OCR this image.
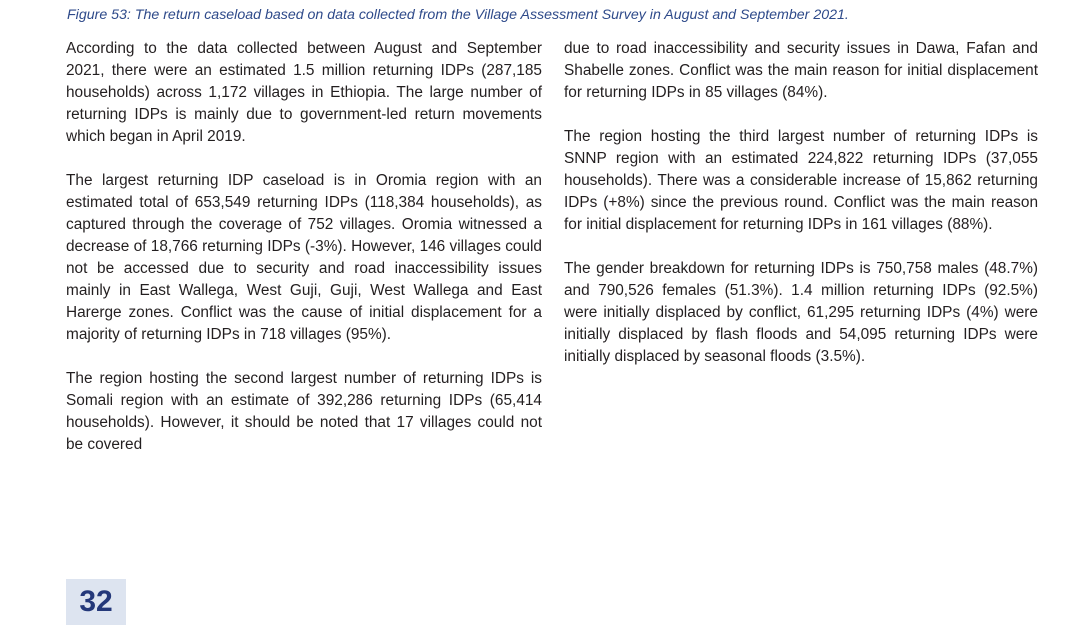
Figure 53: The return caseload based on data collected from the Village Assessment Survey in August and September 2021.

According to the data collected between August and September 2021, there were an estimated 1.5 million returning IDPs (287,185 households) across 1,172 villages in Ethiopia. The large number of returning IDPs is mainly due to government-led return movements which began in April 2019.

The largest returning IDP caseload is in Oromia region with an estimated total of 653,549 returning IDPs (118,384 households), as captured through the coverage of 752 villages. Oromia witnessed a decrease of 18,766 returning IDPs (-3%). However, 146 villages could not be accessed due to security and road inaccessibility issues mainly in East Wallega, West Guji, Guji, West Wallega and East Harerge zones. Conflict was the cause of initial displacement for a majority of returning IDPs in 718 villages (95%).

The region hosting the second largest number of returning IDPs is Somali region with an estimate of 392,286 returning IDPs (65,414 households). However, it should be noted that 17 villages could not be covered

due to road inaccessibility and security issues in Dawa, Fafan and Shabelle zones. Conflict was the main reason for initial displacement for returning IDPs in 85 villages (84%).

The region hosting the third largest number of returning IDPs is SNNP region with an estimated 224,822 returning IDPs (37,055 households). There was a considerable increase of 15,862 returning IDPs (+8%) since the previous round. Conflict was the main reason for initial displacement for returning IDPs in 161 villages (88%).

The gender breakdown for returning IDPs is 750,758 males (48.7%) and 790,526 females (51.3%). 1.4 million returning IDPs (92.5%) were initially displaced by conflict, 61,295 returning IDPs (4%) were initially displaced by flash floods and 54,095 returning IDPs were initially displaced by seasonal floods (3.5%).

32
